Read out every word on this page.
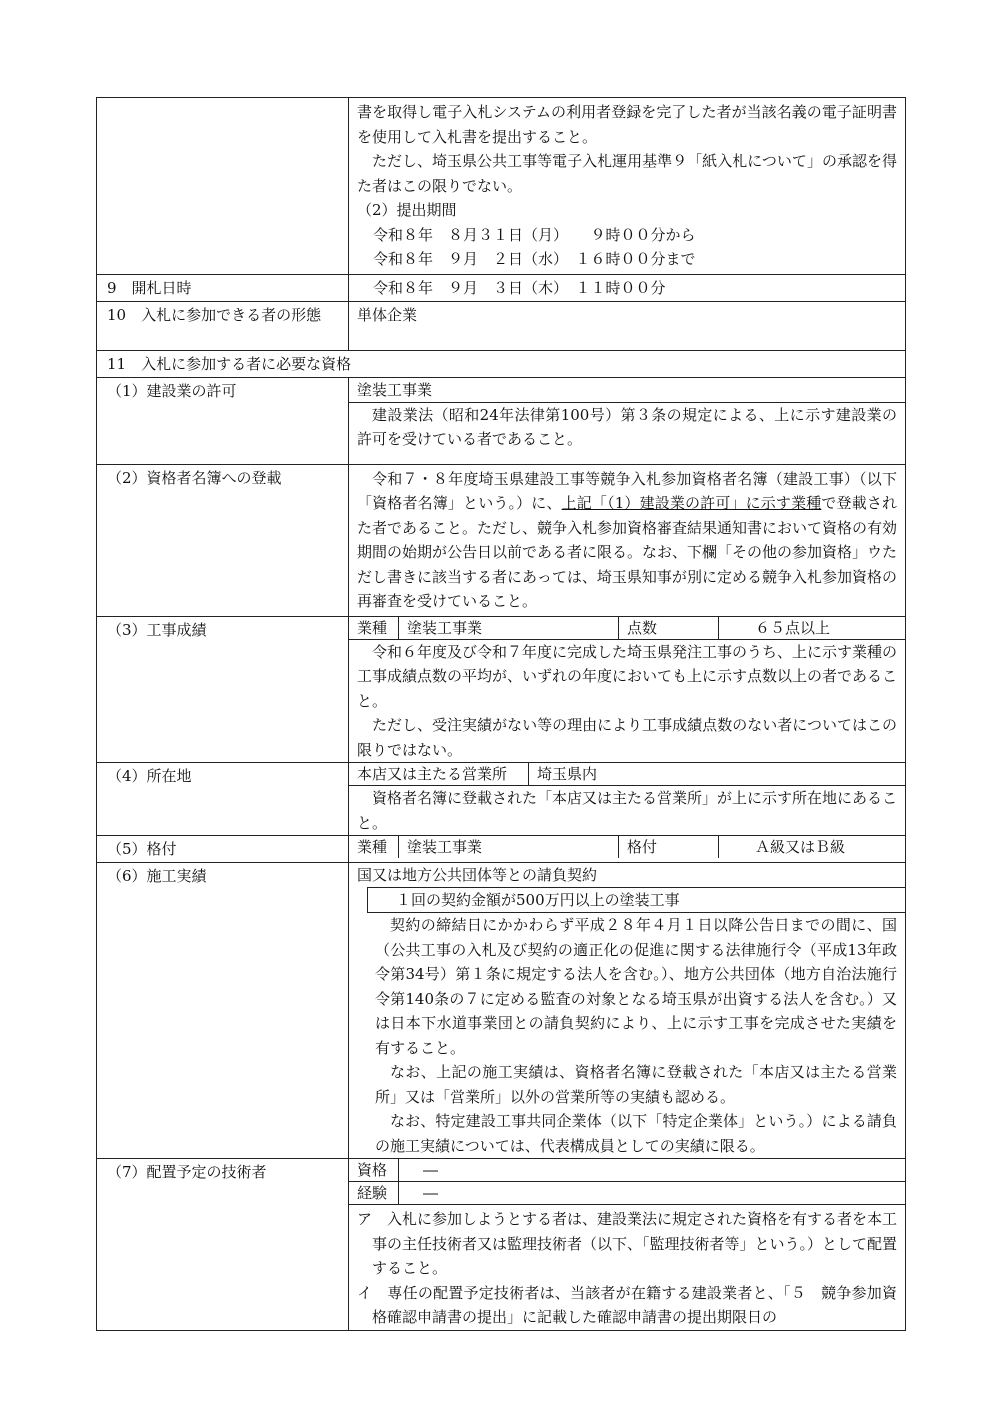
書を取得し電子入札システムの利用者登録を完了した者が当該名義の電子証明書を使用して入札書を提出すること。
ただし、埼玉県公共工事等電子入札運用基準９「紙入札について」の承認を得た者はこの限りでない。
（2）提出期間
令和８年　８月３１日（月）　　９時００分から
令和８年　９月　２日（水）　１６時００分まで
9　開札日時	令和８年　９月　３日（木）　１１時００分
10　入札に参加できる者の形態	単体企業
11　入札に参加する者に必要な資格
（1）建設業の許可	塗装工事業
建設業法（昭和24年法律第100号）第３条の規定による、上に示す建設業の許可を受けている者であること。
（2）資格者名簿への登載	令和７・８年度埼玉県建設工事等競争入札参加資格者名簿（建設工事）（以下「資格者名簿」という。）に、上記「（1）建設業の許可」に示す業種で登載された者であること。ただし、競争入札参加資格審査結果通知書において資格の有効期間の始期が公告日以前である者に限る。なお、下欄「その他の参加資格」ウただし書きに該当する者にあっては、埼玉県知事が別に定める競争入札参加資格の再審査を受けていること。
（3）工事成績	業種	塗装工事業	点数	６５点以上
令和６年度及び令和７年度に完成した埼玉県発注工事のうち、上に示す業種の工事成績点数の平均が、いずれの年度においても上に示す点数以上の者であること。
ただし、受注実績がない等の理由により工事成績点数のない者についてはこの限りではない。
（4）所在地	本店又は主たる営業所	埼玉県内
資格者名簿に登載された「本店又は主たる営業所」が上に示す所在地にあること。
（5）格付	業種	塗装工事業	格付	Ａ級又はＢ級
（6）施工実績	国又は地方公共団体等との請負契約
１回の契約金額が500万円以上の塗装工事
契約の締結日にかかわらず平成２８年４月１日以降公告日までの間に、国（公共工事の入札及び契約の適正化の促進に関する法律施行令（平成13年政令第34号）第１条に規定する法人を含む。）、地方公共団体（地方自治法施行令第140条の７に定める監査の対象となる埼玉県が出資する法人を含む。）又は日本下水道事業団との請負契約により、上に示す工事を完成させた実績を有すること。
なお、上記の施工実績は、資格者名簿に登載された「本店又は主たる営業所」又は「営業所」以外の営業所等の実績も認める。
なお、特定建設工事共同企業体（以下「特定企業体」という。）による請負の施工実績については、代表構成員としての実績に限る。
（7）配置予定の技術者	資格	―
経験	―
ア　入札に参加しようとする者は、建設業法に規定された資格を有する者を本工事の主任技術者又は監理技術者（以下、「監理技術者等」という。）として配置すること。
イ　専任の配置予定技術者は、当該者が在籍する建設業者と、「５　競争参加資格確認申請書の提出」に記載した確認申請書の提出期限日の
